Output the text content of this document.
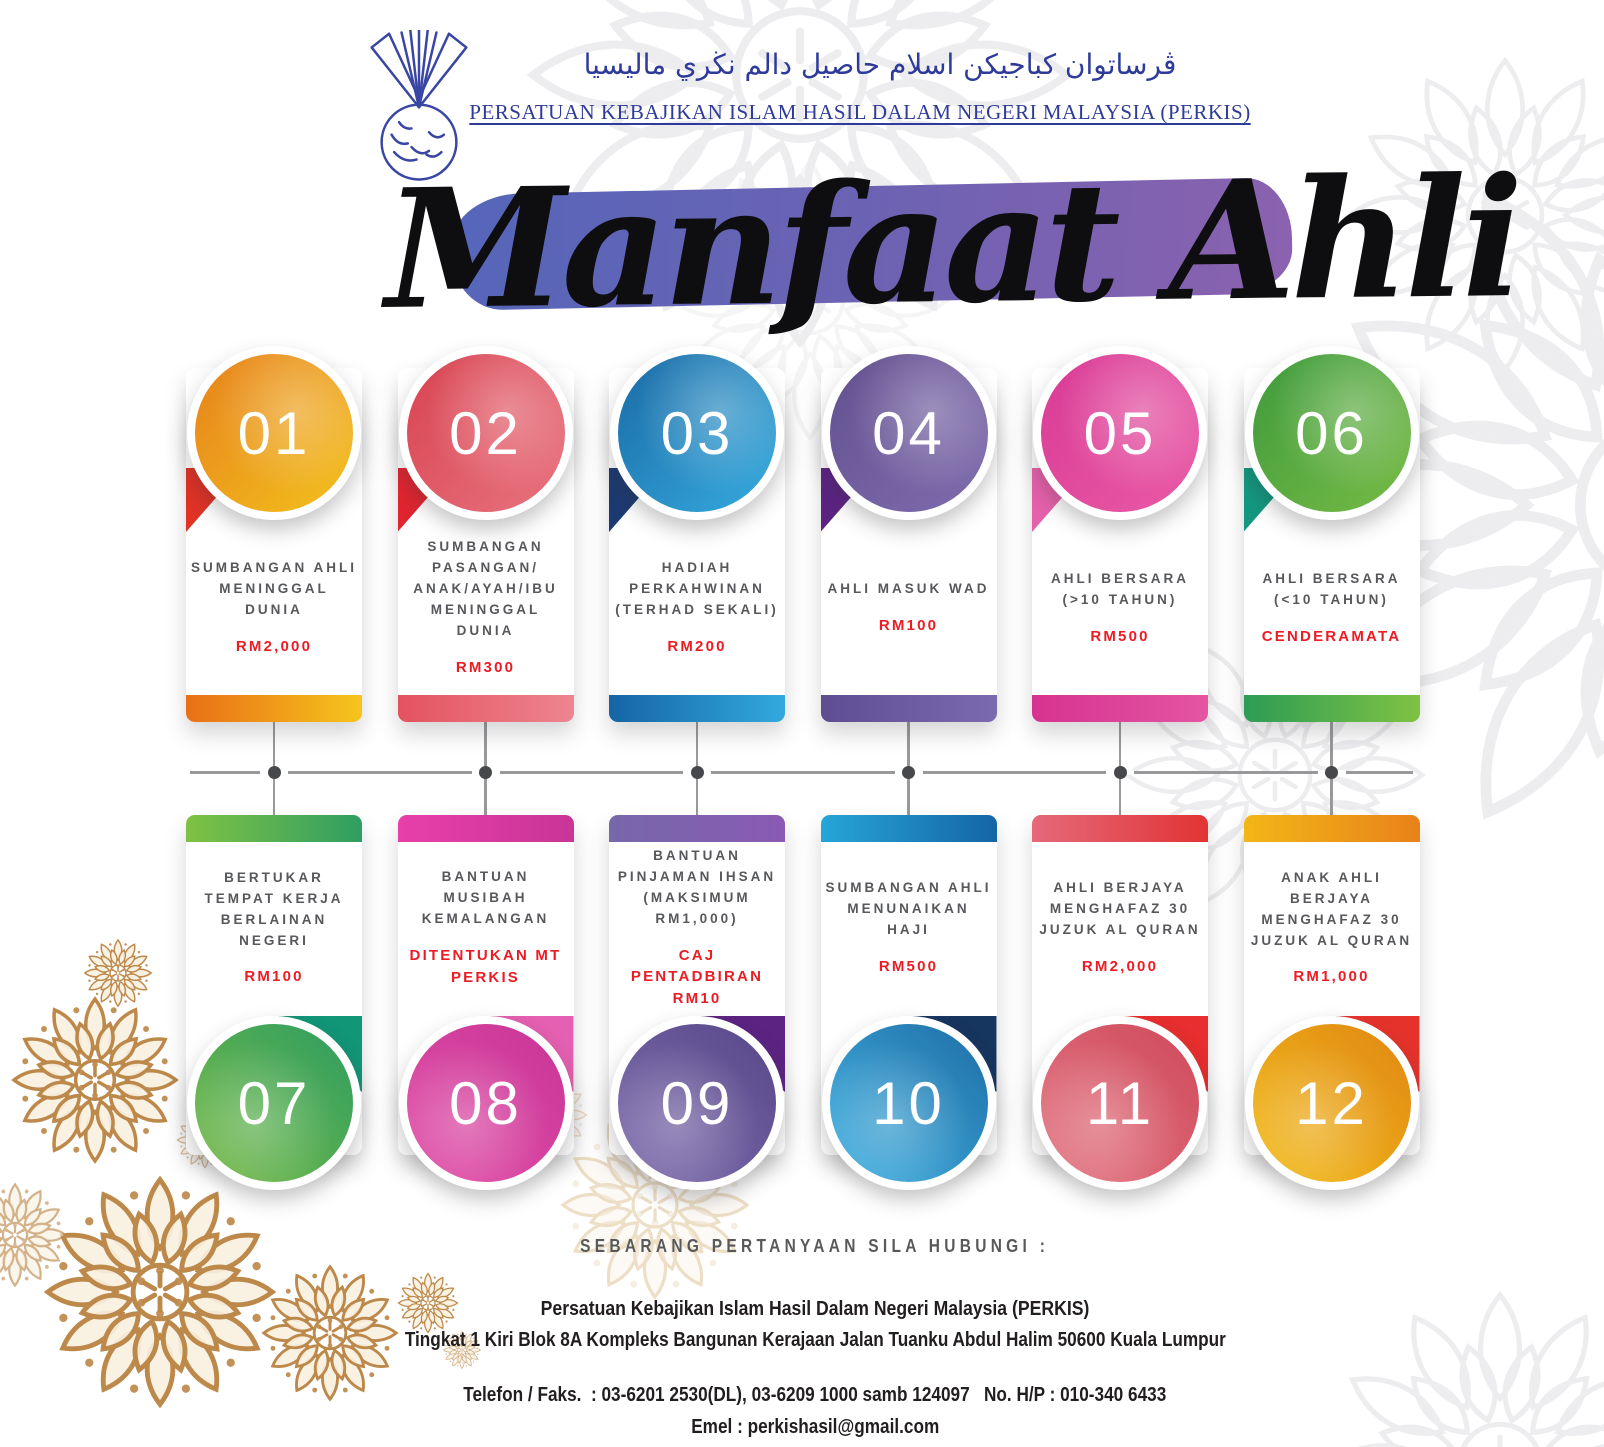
ڤرساتوان كباجيكن اسلام حاصيل دالم نڬري ماليسيا
PERSATUAN KEBAJIKAN ISLAM HASIL DALAM NEGERI MALAYSIA (PERKIS)
Manfaat Ahli
SUMBANGAN AHLI MENINGGAL DUNIA
RM2,000
01
SUMBANGAN PASANGAN/ ANAK/AYAH/IBU MENINGGAL DUNIA
RM300
02
HADIAH PERKAHWINAN (TERHAD SEKALI)
RM200
03
AHLI MASUK WAD
RM100
04
AHLI BERSARA (>10 TAHUN)
RM500
05
AHLI BERSARA (<10 TAHUN)
CENDERAMATA
06
BERTUKAR TEMPAT KERJA BERLAINAN NEGERI
RM100
07
BANTUAN MUSIBAH KEMALANGAN
DITENTUKAN MT PERKIS
08
BANTUAN PINJAMAN IHSAN (MAKSIMUM RM1,000)
CAJ PENTADBIRAN RM10
09
SUMBANGAN AHLI MENUNAIKAN HAJI
RM500
10
AHLI BERJAYA MENGHAFAZ 30 JUZUK AL QURAN
RM2,000
11
ANAK AHLI BERJAYA MENGHAFAZ 30 JUZUK AL QURAN
RM1,000
12
SEBARANG PERTANYAAN SILA HUBUNGI :
Persatuan Kebajikan Islam Hasil Dalam Negeri Malaysia (PERKIS)
Tingkat 1 Kiri Blok 8A Kompleks Bangunan Kerajaan Jalan Tuanku Abdul Halim 50600 Kuala Lumpur
Telefon / Faks.  : 03-6201 2530(DL), 03-6209 1000 samb 124097   No. H/P : 010-340 6433
Emel : perkishasil@gmail.com
